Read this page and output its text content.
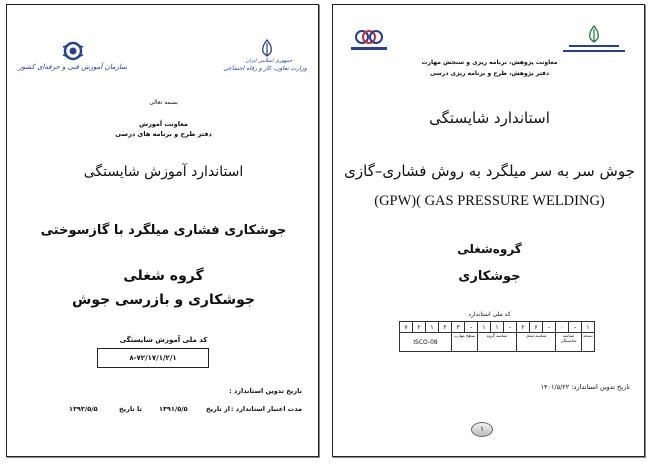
سازمان آموزش فنی و حرفه‌ای کشور
جمهوری اسلامی ایران
وزارت تعاون، کار و رفاه اجتماعی
بسمه تعالی
معاونت آموزش
دفتر طرح و برنامه های درسی
استاندارد آموزش شایستگی
جوشکاری فشاری میلگرد با گازسوختی
گروه شغلی
جوشکاری و بازرسی جوش
کد ملی آموزش شایستگی
۸-۷۲/۱۷/۱/۲/۱
تاریخ تدوین استاندارد :
مدت اعتبار استاندارد :
از تاریخ
۱۳۹۱/۵/۵
تا تاریخ
۱۳۹۳/۵/۵
معاونت پژوهش، برنامه ریزی و سنجش مهارت
دفتر پژوهش، طرح و برنامه ریزی درسی
استاندارد شایستگی
جوش سر به سر میلگرد به روش فشاری–گازی
(GPW)( GAS PRESSURE WELDING)
گروه‌شغلی
جوشکاری
کد ملی استاندارد
۷	۲	۱	۲	۳	-	۱	۱	-	۲	۶	-	۰	-	۱
ISCO-08				سطح مهارت		شناسه گروه			شناسه شغل			شناسه شایستگی		نسخه
تاریخ تدوین استاندارد: ۱۴۰۱/۵/۲۲
۱
